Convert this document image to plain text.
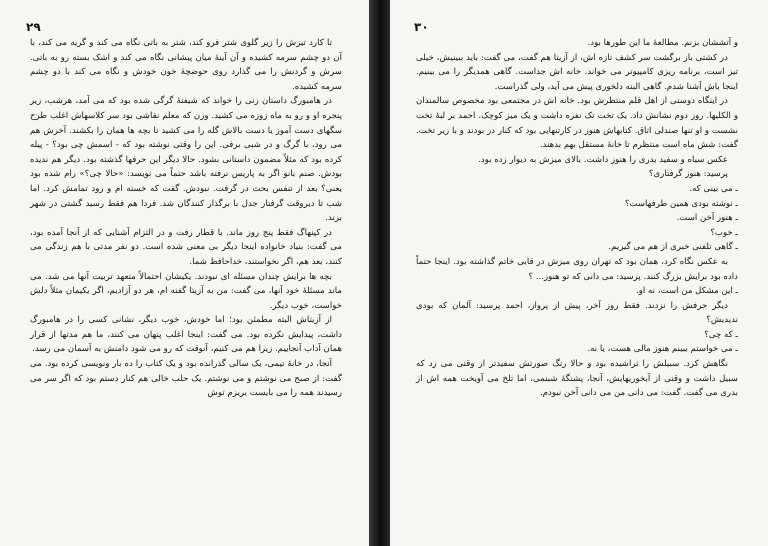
۲۹

تا کارد تیزش را زیر گلوی شتر فرو کند، شتر به باتی نگاه می کند و گریه می کند، با آن دو چشم سرمه کشیده و آن آینهٔ میان پیشانی نگاه می کند و اشک بسته رو به باتی. سرش و گردنش را می گذارد روی حوضچهٔ خون خودش و نگاه می کند با دو چشم سرمه کشیده.

در هامبورگ داستان زنی را خواند که شیفتهٔ گرگی شده بود که می آمد، هرشب، زیر پنجره او و رو به ماه زوزه می کشید. وزن که معلم نقاشی بود سر کلاسهاش اغلب طرح سگهای دست آموز یا دست بالاش گله را می کشید تا بچه ها همان را بکشند. آخرش هم می رود، با گرگ و در شبی برفی. این را وقتی نوشته بود که - اسمش چی بود؟ - پیله کرده بود که مثلاً مضمون داستانی بشود. حالا دیگر این حرفها گذشته بود. دیگر هم ندیده بودش. صنم بانو اگر به پاریس نرفته باشد حتماً می نویسد: «حالا چی؟» رام شده بود یعنی؟ بعد از تنفس بحث در گرفت. نبودش. گفت که خسته ام و زود تمامش کرد. اما شب تا دیروقت گرفتار جدل با برگذار کنندگان شد. فردا هم فقط رسید گشتی در شهر بزند.

در کپنهاگ فقط پنج روز ماند. با قطار رفت و در التزام آشنایی که از آنجا آمده بود، می گفت: بنیاد خانواده اینجا دیگر بی معنی شده است. دو نفر مدتی با هم زندگی می کنند، بعد هم، اگر نخواستند، خداحافظ شما.

بچه ها برایش چندان مسئله ای نبودند. یکیشان احتمالاً متعهد تربیت آنها می شد. می ماند مسئلهٔ خود آنها، می گفت: من به آزیتا گفته ام، هر دو آزادیم، اگر یکیمان مثلاً دلش خواست، خوب دیگر.

از آزیتاش البته مطمئن بود؛ اما خودش، خوب دیگر، نشانی کسی را در هامبورگ داشت، پیدایش نکرده بود. می گفت: اینجا اغلب پنهان می کنند، ما هم مدتها از قرار همان آداب آنجاییم. زیرا هم می کنیم، آنوقت که رو می شود دامنش به آسمان می رسد.

آنجا، در خانهٔ تیمی، یک سالی گذرانده بود و یک کتاب را ده بار ونویسی کرده بود. می گفت: از صبح می نوشتم و می نوشتم. یک حلب خالی هم کنار دستم بود که اگر سر می رسیدند همه را می بایست بریزم توش

۳۰

و آتششان بزنم. مطالعهٔ ما این طورها بود.

در کشتی باز برگشت سر کشف تازه اش، از آزیتا هم گفت، می گفت: باید ببینیش، خیلی تیز است، برنامه ریزی کامپیوتر می خواند. خانه اش جداست. گاهی همدیگر را می بینیم. اینجا باش آشنا شدم. گاهی البته دلخوری پیش می آید، ولی گذراست.

در اینگاه دوستی از اهل قلم منتظرش بود. خانه اش در مجتمعی بود مخصوص سالمندان و الکلیها. روز دوم نشانش داد. یک تخت تک نفره داشت و یک میز کوچک. احمد بر لبهٔ تخت نشست و او تنها صندلی اتاق. کتابهاش هنوز در کارتنهایی بود که کنار در بودند و با زیر تخت. گفت: شش ماه است منتظرم تا خانهٔ مستقل بهم بدهند.

عکس سیاه و سفید بدری را هنوز داشت. بالای میزش به دیوار زده بود.

پرسید: هنوز گرفتاری؟

ـ می بینی که.

ـ نوشته بودی همین طرفهاست؟

ـ هنوز آخن است.

ـ خوب؟

ـ گاهی تلفنی خبری از هم می گیریم.

به عکس نگاه کرد، همان بود که تهران روی میزش در قابی خاتم گذاشته بود. اینجا حتماً داده بود برایش بزرگ کنند. پرسید: می دانی که تو هنوز... ؟

ـ این مشکل من است، نه او.

دیگر حرفش را نزدند. فقط روز آخر، پیش از پرواز، احمد پرسید: آلمان که بودی ندیدیش؟

ـ که چی؟

ـ می خواستم ببینم هنوز مالی هست، یا نه.

نگاهش کرد. سبیلش را تراشیده بود و حالا رنگ صورتش سفیدتر از وقتی می زد که سبیل داشت و وقتی از آبخوریهایش، آنجا، پشنگهٔ شبنمی، اما تلخ می آویخت همه اش از بدری می گفت. گفت: می دانی من می دانی آخن نبودم.
